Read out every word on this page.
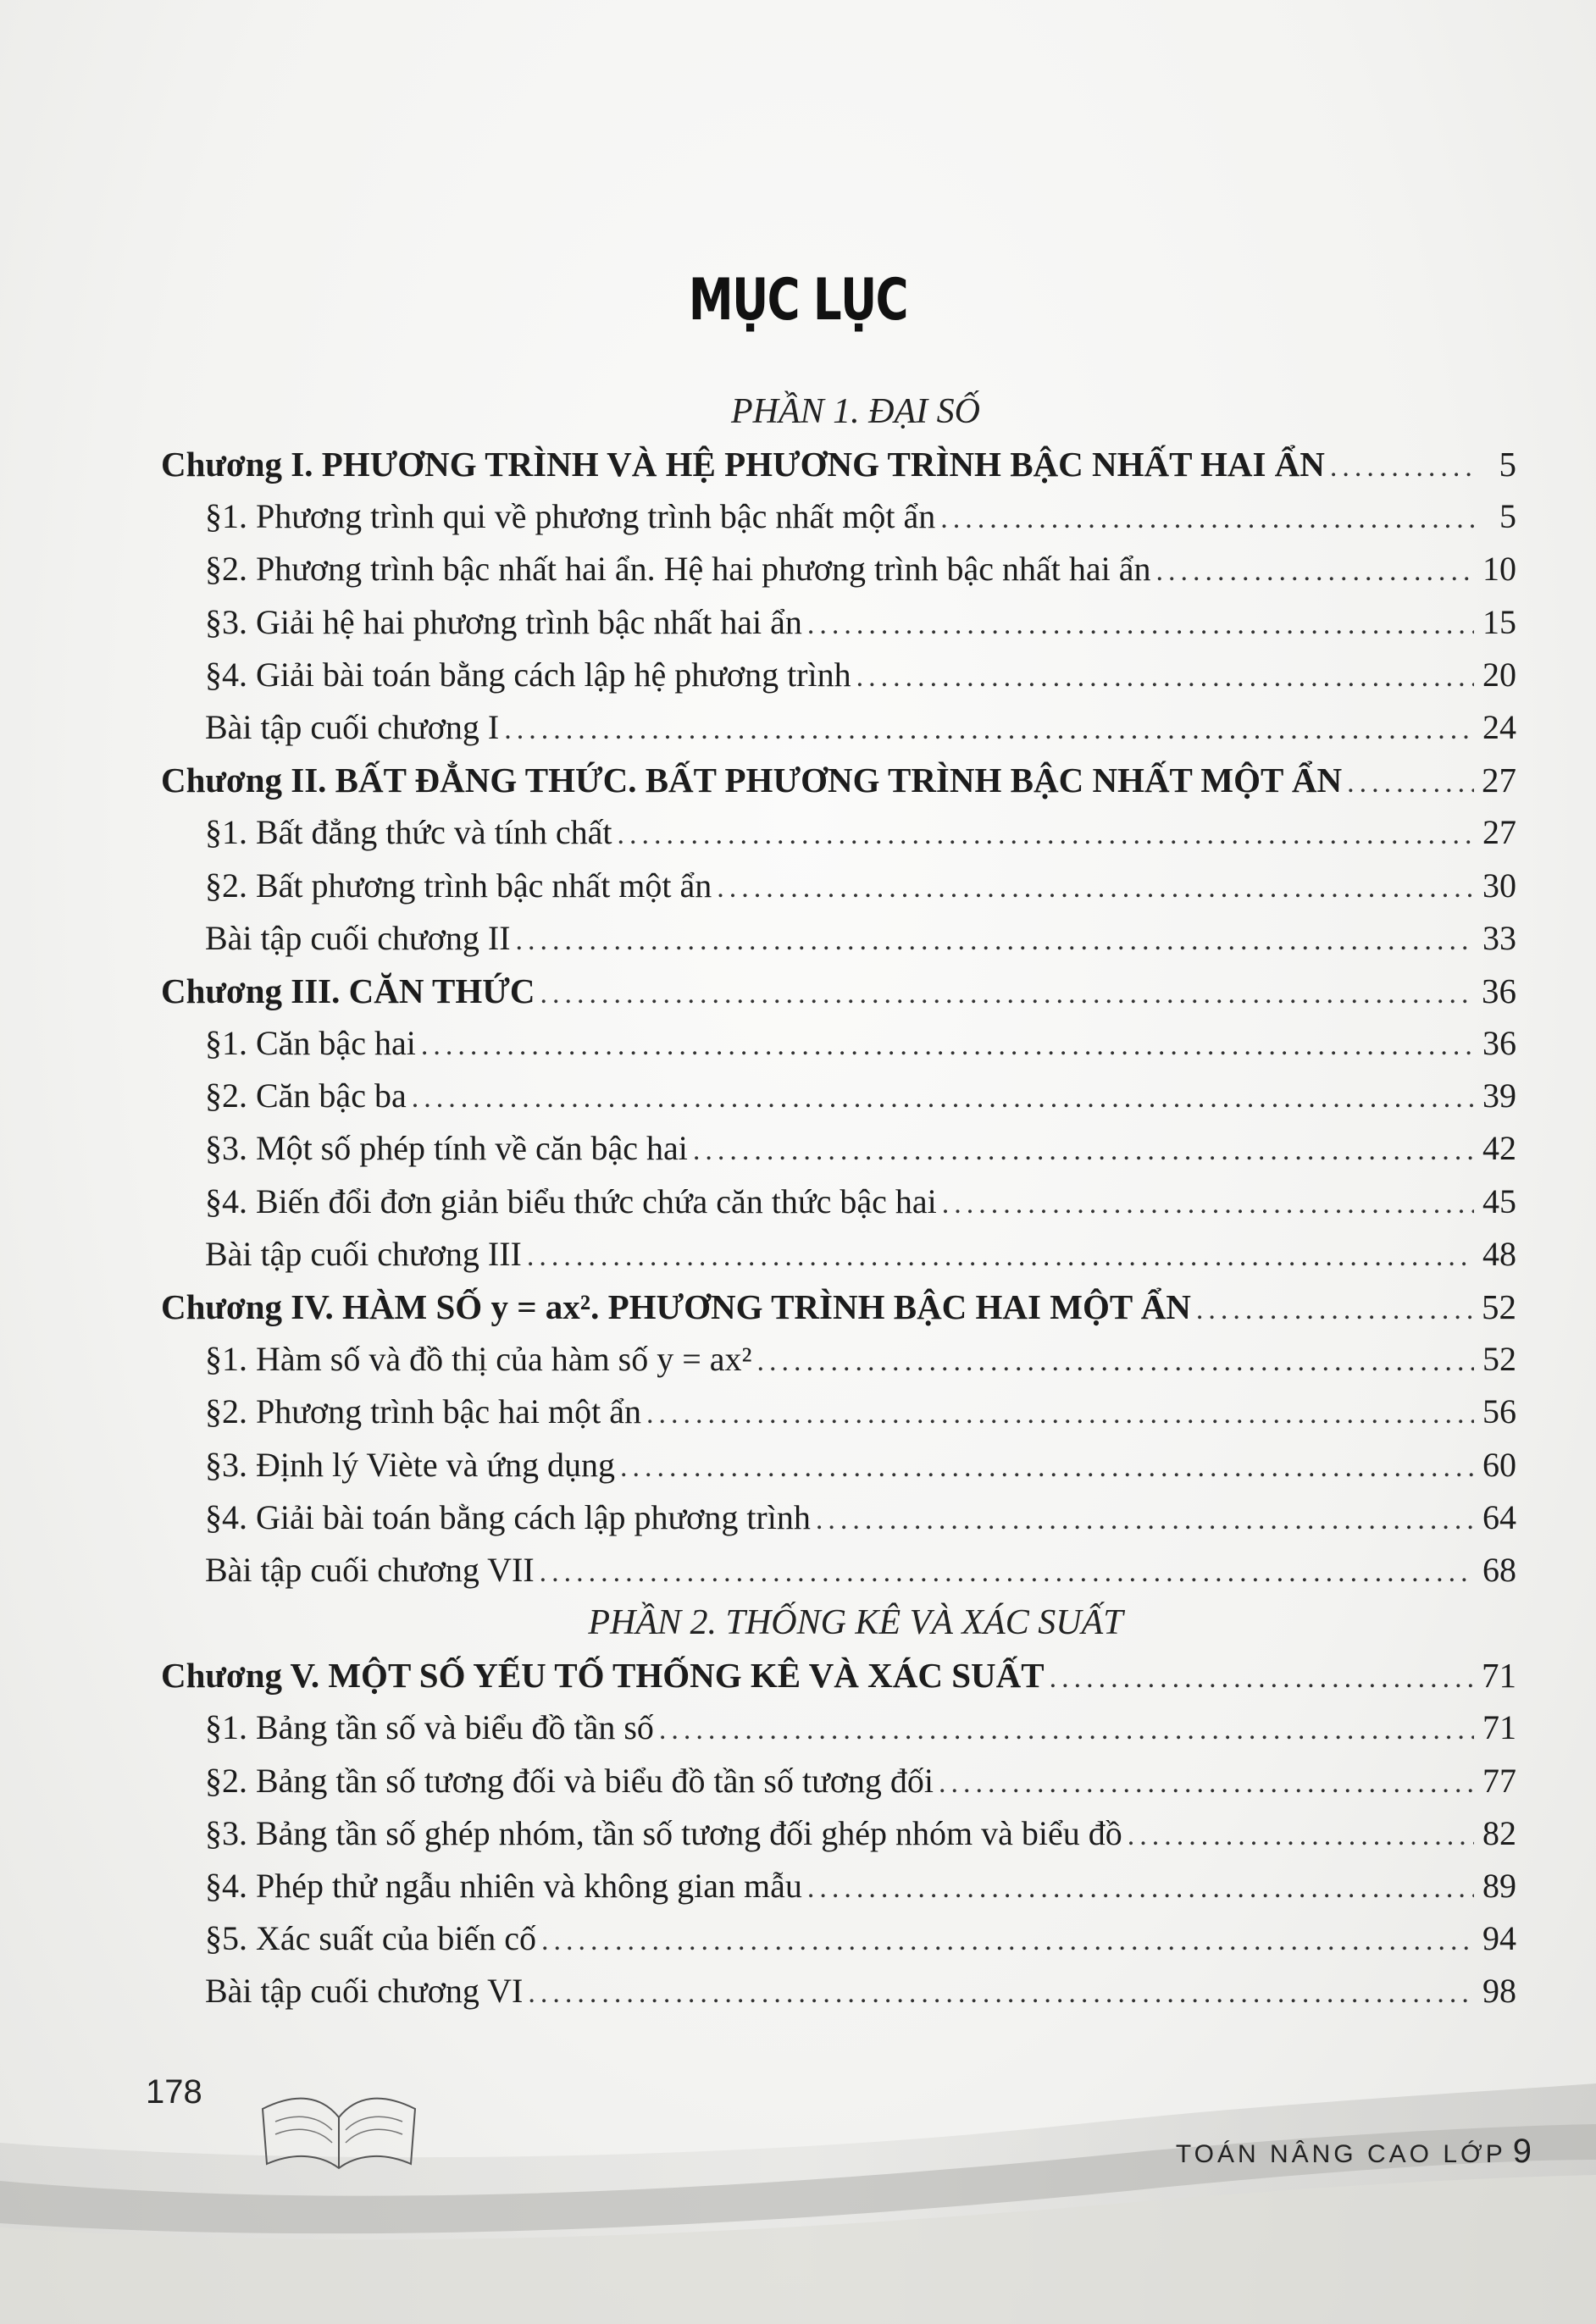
MỤC LỤC
PHẦN 1. ĐẠI SỐ
Chương I. PHƯƠNG TRÌNH VÀ HỆ PHƯƠNG TRÌNH BẬC NHẤT HAI ẨN .....	5
§1. Phương trình qui về phương trình bậc nhất một ẩn .....	5
§2. Phương trình bậc nhất hai ẩn. Hệ hai phương trình bậc nhất hai ẩn .....	10
§3. Giải hệ hai phương trình bậc nhất hai ẩn .....	15
§4. Giải bài toán bằng cách lập hệ phương trình .....	20
Bài tập cuối chương I .....	24
Chương II. BẤT ĐẲNG THỨC. BẤT PHƯƠNG TRÌNH BẬC NHẤT MỘT ẨN .....	27
§1. Bất đẳng thức và tính chất .....	27
§2. Bất phương trình bậc nhất một ẩn .....	30
Bài tập cuối chương II .....	33
Chương III. CĂN THỨC .....	36
§1. Căn bậc hai .....	36
§2. Căn bậc ba .....	39
§3. Một số phép tính về căn bậc hai .....	42
§4. Biến đổi đơn giản biểu thức chứa căn thức bậc hai .....	45
Bài tập cuối chương III .....	48
Chương IV. HÀM SỐ y = ax². PHƯƠNG TRÌNH BẬC HAI MỘT ẨN .....	52
§1. Hàm số và đồ thị của hàm số y = ax² .....	52
§2. Phương trình bậc hai một ẩn .....	56
§3. Định lý Viète và ứng dụng .....	60
§4. Giải bài toán bằng cách lập phương trình .....	64
Bài tập cuối chương VII .....	68
PHẦN 2. THỐNG KÊ VÀ XÁC SUẤT
Chương V. MỘT SỐ YẾU TỐ THỐNG KÊ VÀ XÁC SUẤT .....	71
§1. Bảng tần số và biểu đồ tần số .....	71
§2. Bảng tần số tương đối và biểu đồ tần số tương đối .....	77
§3. Bảng tần số ghép nhóm, tần số tương đối ghép nhóm và biểu đồ .....	82
§4. Phép thử ngẫu nhiên và không gian mẫu .....	89
§5. Xác suất của biến cố .....	94
Bài tập cuối chương VI .....	98
178
TOÁN NÂNG CAO LỚP 9
